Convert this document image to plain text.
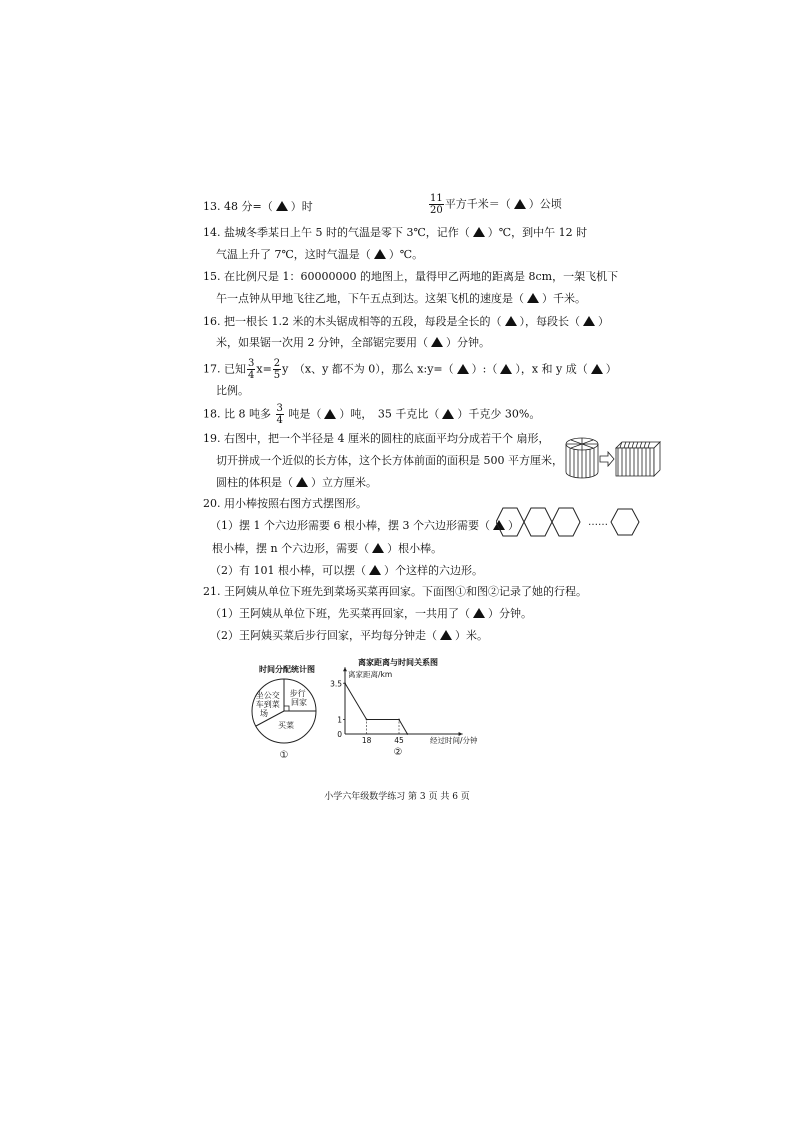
13. 48 分=（ ）时	$\frac{11}{20}$ 平方千米＝（ ）公顷
14. 盐城冬季某日上午 5 时的气温是零下 3℃，记作（ ）℃，到中午 12 时
气温上升了 7℃，这时气温是（ ）℃。
15. 在比例尺是 1：60000000 的地图上，量得甲乙两地的距离是 8cm，一架飞机下
午一点钟从甲地飞往乙地，下午五点到达。这架飞机的速度是（ ）千米。
16. 把一根长 1.2 米的木头锯成相等的五段，每段是全长的（ ），每段长（ ）
米，如果锯一次用 2 分钟，全部锯完要用（ ）分钟。
17. 已知 $\frac{3}{4} x= \frac{2}{5}$ y　（x、y 都不为 0），那么 x:y=（ ）:（ ），x 和 y 成（ ）
比例。
18. 比 8 吨多 $\frac{3}{4}$ 吨是（ ）吨，　35 千克比（ ）千克少 30%。
19. 右图中，把一个半径是 4 厘米的圆柱的底面平均分成若干个 扇形，
切开拼成一个近似的长方体，这个长方体前面的面积是 500 平方厘米，
圆柱的体积是（ ）立方厘米。
20. 用小棒按照右图方式摆图形。
（1）摆 1 个六边形需要 6 根小棒，摆 3 个六边形需要（ ）
根小棒，摆 n 个六边形，需要（ ）根小棒。
（2）有 101 根小棒，可以摆（ ）个这样的六边形。
……
21. 王阿姨从单位下班先到菜场买菜再回家。下面图①和图②记录了她的行程。
（1）王阿姨从单位下班，先买菜再回家，一共用了（ ）分钟。
（2）王阿姨买菜后步行回家，平均每分钟走（ ）米。
时间分配统计图
坐公交 车到菜 场
步行 回家
买菜
①
离家距离与时间关系图
离家距离/km
经过时间/分钟
②
3.5
1
0
18	45
小学六年级数学练习 第 3 页 共 6 页
